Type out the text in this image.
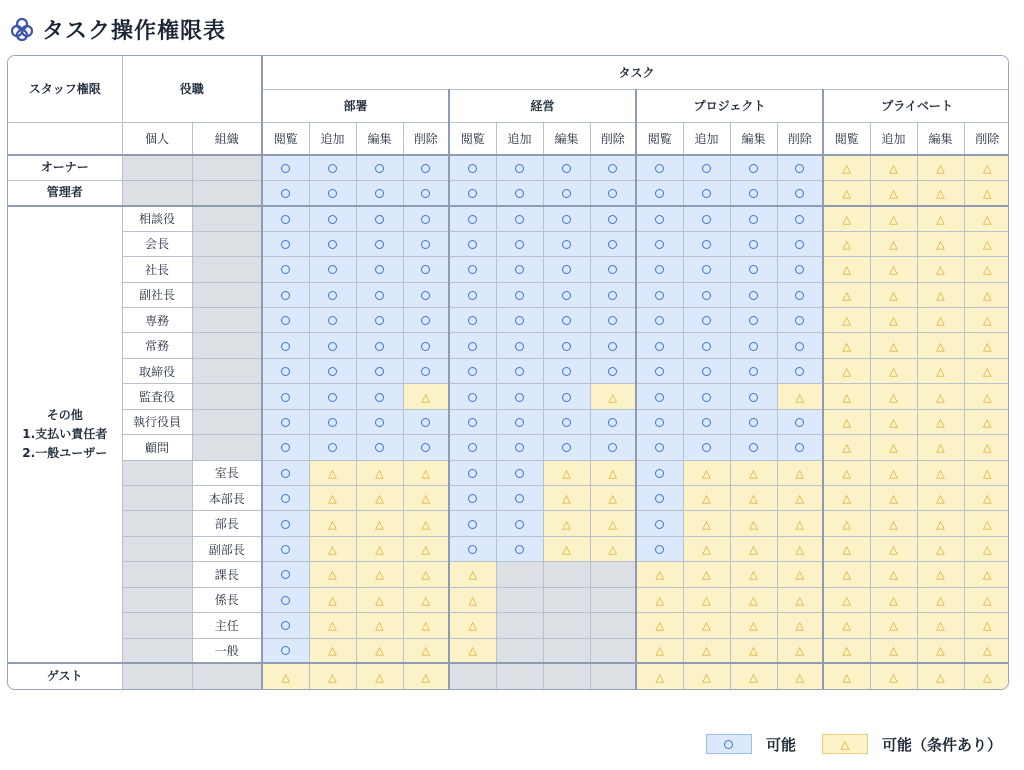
タスク操作権限表
スタッフ権限	役職		タスク															
			部署				経営				プロジェクト				プライベート			
	個人	組織	閲覧	追加	編集	削除	閲覧	追加	編集	削除	閲覧	追加	編集	削除	閲覧	追加	編集	削除
オーナー															△	△	△	△
管理者															△	△	△	△

その他
1.支払い責任者
2.一般ユーザー	相談役														△	△	△	△
	会長														△	△	△	△
	社長														△	△	△	△
	副社長														△	△	△	△
	専務														△	△	△	△
	常務														△	△	△	△
	取締役														△	△	△	△
	監査役					△				△				△	△	△	△	△
	執行役員														△	△	△	△
	顧問														△	△	△	△
		室長		△	△	△			△	△		△	△	△	△	△	△	△
		本部長		△	△	△			△	△		△	△	△	△	△	△	△
		部長		△	△	△			△	△		△	△	△	△	△	△	△
		副部長		△	△	△			△	△		△	△	△	△	△	△	△
		課長		△	△	△	△				△	△	△	△	△	△	△	△
		係長		△	△	△	△				△	△	△	△	△	△	△	△
		主任		△	△	△	△				△	△	△	△	△	△	△	△
		一般		△	△	△	△				△	△	△	△	△	△	△	△
ゲスト			△	△	△	△					△	△	△	△	△	△	△	△
可能	△ 可能（条件あり）
